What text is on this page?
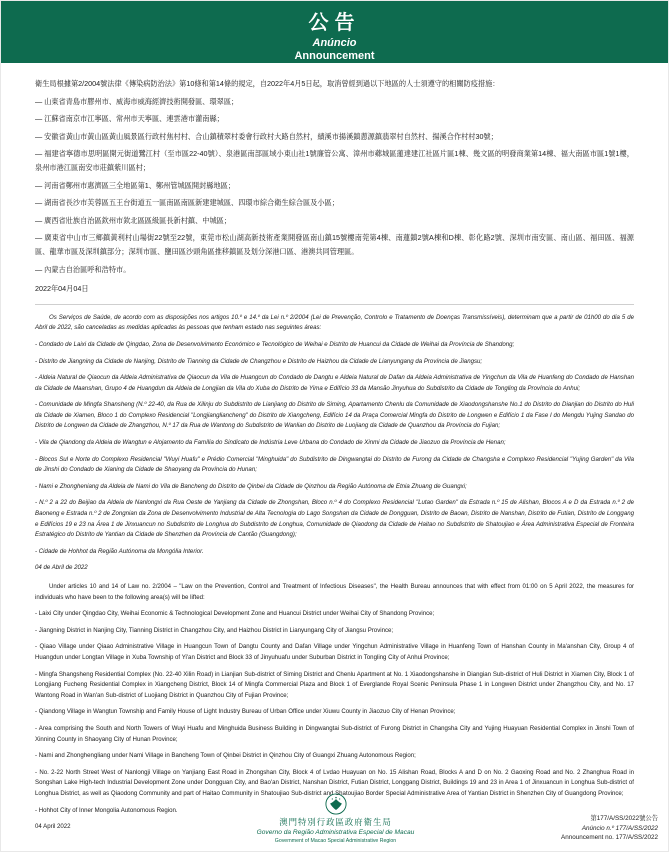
公告
Anúncio
Announcement

衛生局根據第2/2004號法律《傳染病防治法》第10條和第14條的規定，自2022年4月5日起，取消曾經到過以下地區的人士須遵守的相關防疫措施：

— 山東省青島市膠州市、威海市威海經濟技術開發區、環翠區；

— 江蘇省南京市江寧區、常州市天寧區、連雲港市灌南縣；

— 安徽省黃山市黃山區黃山風景區行政村焦村村、合山鎮積翠村委會行政村大路自然村，績溪市揚溪鎮蔥源鎮翡翠村自然村、揚溪合作村村30號；

— 福建省寧德市思明區開元街道鷺江村（至市區22-40號）、泉港區南部區域小東山社1號廉管公寓、漳州市薌城區蓮達建江社區片區1棟、幾文區的明發商業第14棟、福大南區市區1號1樓，泉州市港江區南安市莊鎮紫川區村；

— 河南省鄭州市惠濟區三全地區第1、鄭州管城區開封縣地區；

— 湖南省長沙市芙蓉區五王台街道五一區南區南區新建建城區、四環市綜合衛生綜合區及小區；

— 廣西省壯族自治區欽州市欽北區區級區長新村鎮、中城區；

— 廣東省中山市三鄉鎮黃利村山場街22號至22號，東莞市松山湖高新技術產業開發區南山鎮15號樓南莞第4棟、南蓮鎮2號A棟和D棟、彰化路2號、深圳市南安區、南山區、福田區、福源區、龍華市區及深圳鎮部分；深圳市區、鹽田區沙頭角區推移鎮區及划分深港口區、港澳共同管理區。

— 內蒙古自治區呼和浩特市。

2022年04月04日

Os Serviços de Saúde, de acordo com as disposições nos artigos 10.º e 14.º da Lei n.º 2/2004 (Lei de Prevenção, Controlo e Tratamento de Doenças Transmissíveis), determinam que a partir de 01h00 do dia 5 de Abril de 2022, são canceladas as medidas aplicadas às pessoas que tenham estado nas seguintes áreas:

- Condado de Laixi da Cidade de Qingdao, Zona de Desenvolvimento Económico e Tecnológico de Weihai e Distrito de Huancui da Cidade de Weihai da Província de Shandong;

- Distrito de Jiangning da Cidade de Nanjing, Distrito de Tianning da Cidade de Changzhou e Distrito de Haizhou da Cidade de Lianyungang da Província de Jiangsu;

- Aldeia Natural de Qiaocun da Aldeia Administrativa de Qiaocun da Vila de Huangcun do Condado de Dangtu e Aldeia Natural de Dafan da Aldeia Administrativa de Yingchun da Vila de Huanfeng do Condado de Hanshan da Cidade de Maanshan, Grupo 4 de Huangdun da Aldeia de Longjian da Vila do Xuba do Distrito de Yima e Edifício 33 da Mansão Jinyuhua do Subdistrito da Cidade de Tongling da Província do Anhui;

- Comunidade de Mingfa Shansheng (N.º 22-40, da Rua de Xilinju do Subdistrito de Lianjiang do Distrito de Siming, Apartamento Chenlu da Comunidade de Xiaodongshanshe No.1 do Distrito do Dianjian do Distrito do Huli da Cidade de Xiamen, Bloco 1 do Complexo Residencial "Longjiangliancheng" do Distrito de Xiangcheng, Edifício 14 da Praça Comercial Mingfa do Distrito de Longwen e Edifício 1 da Fase I do Mengdu Yujing Sandao do Distrito de Longwen da Cidade de Zhangzhou, N.º 17 da Rua de Wantong do Subdistrito de Wanlian do Distrito de Luojiang da Cidade de Quanzhou da Província do Fujian;

- Vila de Qiandong da Aldeia de Wangtun e Alojamento da Família do Sindicato de Indústria Leve Urbana do Condado de Xinmi da Cidade de Jiaozuo da Província de Henan;

- Blocos Sul e Norte do Complexo Residencial "Wuyi Huafu" e Prédio Comercial "Minghuida" do Subdistrito de Dingwangtai do Distrito de Furong da Cidade de Changsha e Complexo Residencial "Yujing Garden" da Vila de Jinshi do Condado de Xianing da Cidade de Shaoyang da Província do Hunan;

- Nami e Zhongheniang da Aldeia de Nami do Vila de Bancheng do Distrito de Qinbei da Cidade de Qinzhou da Região Autónoma de Etnia Zhuang de Guangxi;

- N.º 2 a 22 do Beijiao da Aldeia de Nanlongxi da Rua Oeste de Yanjiang da Cidade de Zhongshan, Bloco n.º 4 do Complexo Residencial "Lutao Garden" da Estrada n.º 15 de Alishan, Blocos A e D da Estrada n.º 2 de Baoneng e Estrada n.º 2 de Zongnian da Zona de Desenvolvimento Industrial de Alta Tecnologia do Lago Songshan da Cidade de Dongguan, Distrito de Baoan, Distrito de Nanshan, Distrito de Futian, Distrito de Longgang e Edifícios 19 e 23 na Área 1 de Jinxuancun no Subdistrito de Longhua do Subdistrito de Longhua, Comunidade de Qiaodong da Cidade de Haitao no Subdistrito de Shatoujiao e Área Administrativa Especial de Fronteira Estratégico do Distrito de Yantian da Cidade de Shenzhen da Província de Cantão (Guangdong);

- Cidade de Hohhot da Região Autónoma da Mongólia Interior.

04 de Abril de 2022

Under articles 10 and 14 of Law no. 2/2004 – "Law on the Prevention, Control and Treatment of Infectious Diseases", the Health Bureau announces that with effect from 01:00 on 5 April 2022, the measures for individuals who have been to the following area(s) will be lifted:

- Laixi City under Qingdao City, Weihai Economic & Technological Development Zone and Huancui District under Weihai City of Shandong Province;

- Jiangning District in Nanjing City, Tianning District in Changzhou City, and Haizhou District in Lianyungang City of Jiangsu Province;

- Qiaao Village under Qiaao Administrative Village in Huangcun Town of Dangtu County and Dafan Village under Yingchun Administrative Village in Huanfeng Town of Hanshan County in Ma'anshan City, Group 4 of Huangdun under Longtan Village in Xuba Township of Yi'an District and Block 33 of Jinyuhuafu under Suburban District in Tongling City of Anhui Province;

- Mingfa Shangsheng Residential Complex (No. 22-40 Xilin Road) in Lianjian Sub-district of Siming District and Chenlu Apartment at No. 1 Xiaodongshanshe in Diangian Sub-district of Huli District in Xiamen City, Block 1 of Longjiang Fucheng Residential Complex in Xiangcheng District, Block 14 of Mingfa Commercial Plaza and Block 1 of Everglande Royal Scenic Peninsula Phase 1 in Longwen District under Zhangzhou City, and No. 17 Wantong Road in Wan'an Sub-district of Luojiang District in Quanzhou City of Fujian Province;

- Qiandong Village in Wangtun Township and Family House of Light Industry Bureau of Urban Office under Xiuwu County in Jiaozuo City of Henan Province;

- Area comprising the South and North Towers of Wuyi Huafu and Minghuida Business Building in Dingwangtai Sub-district of Furong District in Changsha City and Yujing Huayuan Residential Complex in Jinshi Town of Xinning County in Shaoyang City of Hunan Province;

- Nami and Zhonghengliang under Nami Village in Bancheng Town of Qinbei District in Qinzhou City of Guangxi Zhuang Autonomous Region;

- No. 2-22 North Street West of Nanlongji Village on Yanjiang East Road in Zhongshan City, Block 4 of Lvdao Huayuan on No. 15 Alishan Road, Blocks A and D on No. 2 Gaoxing Road and No. 2 Zhanghua Road in Songshan Lake High-tech Industrial Development Zone under Dongguan City, and Bao'an District, Nanshan District, Futian District, Longgang District, Buildings 19 and 23 in Area 1 of Jinxuancun in Longhua Sub-district of Longhua District, as well as Qiaodong Community and part of Haitao Community in Shatoujiao Sub-district and Shatoujiao Border Special Administrative Area of Yantian District in Shenzhen City of Guangdong Province;

- Hohhot City of Inner Mongolia Autonomous Region.

04 April 2022	澳門特別行政區政府衛生局
Governo da Região Administrativa Especial de Macau
Government of Macao Special Administrative Region
第177/A/SS/2022號公告
Anúncio n.º 177/A/SS/2022
Announcement no. 177/A/SS/2022
